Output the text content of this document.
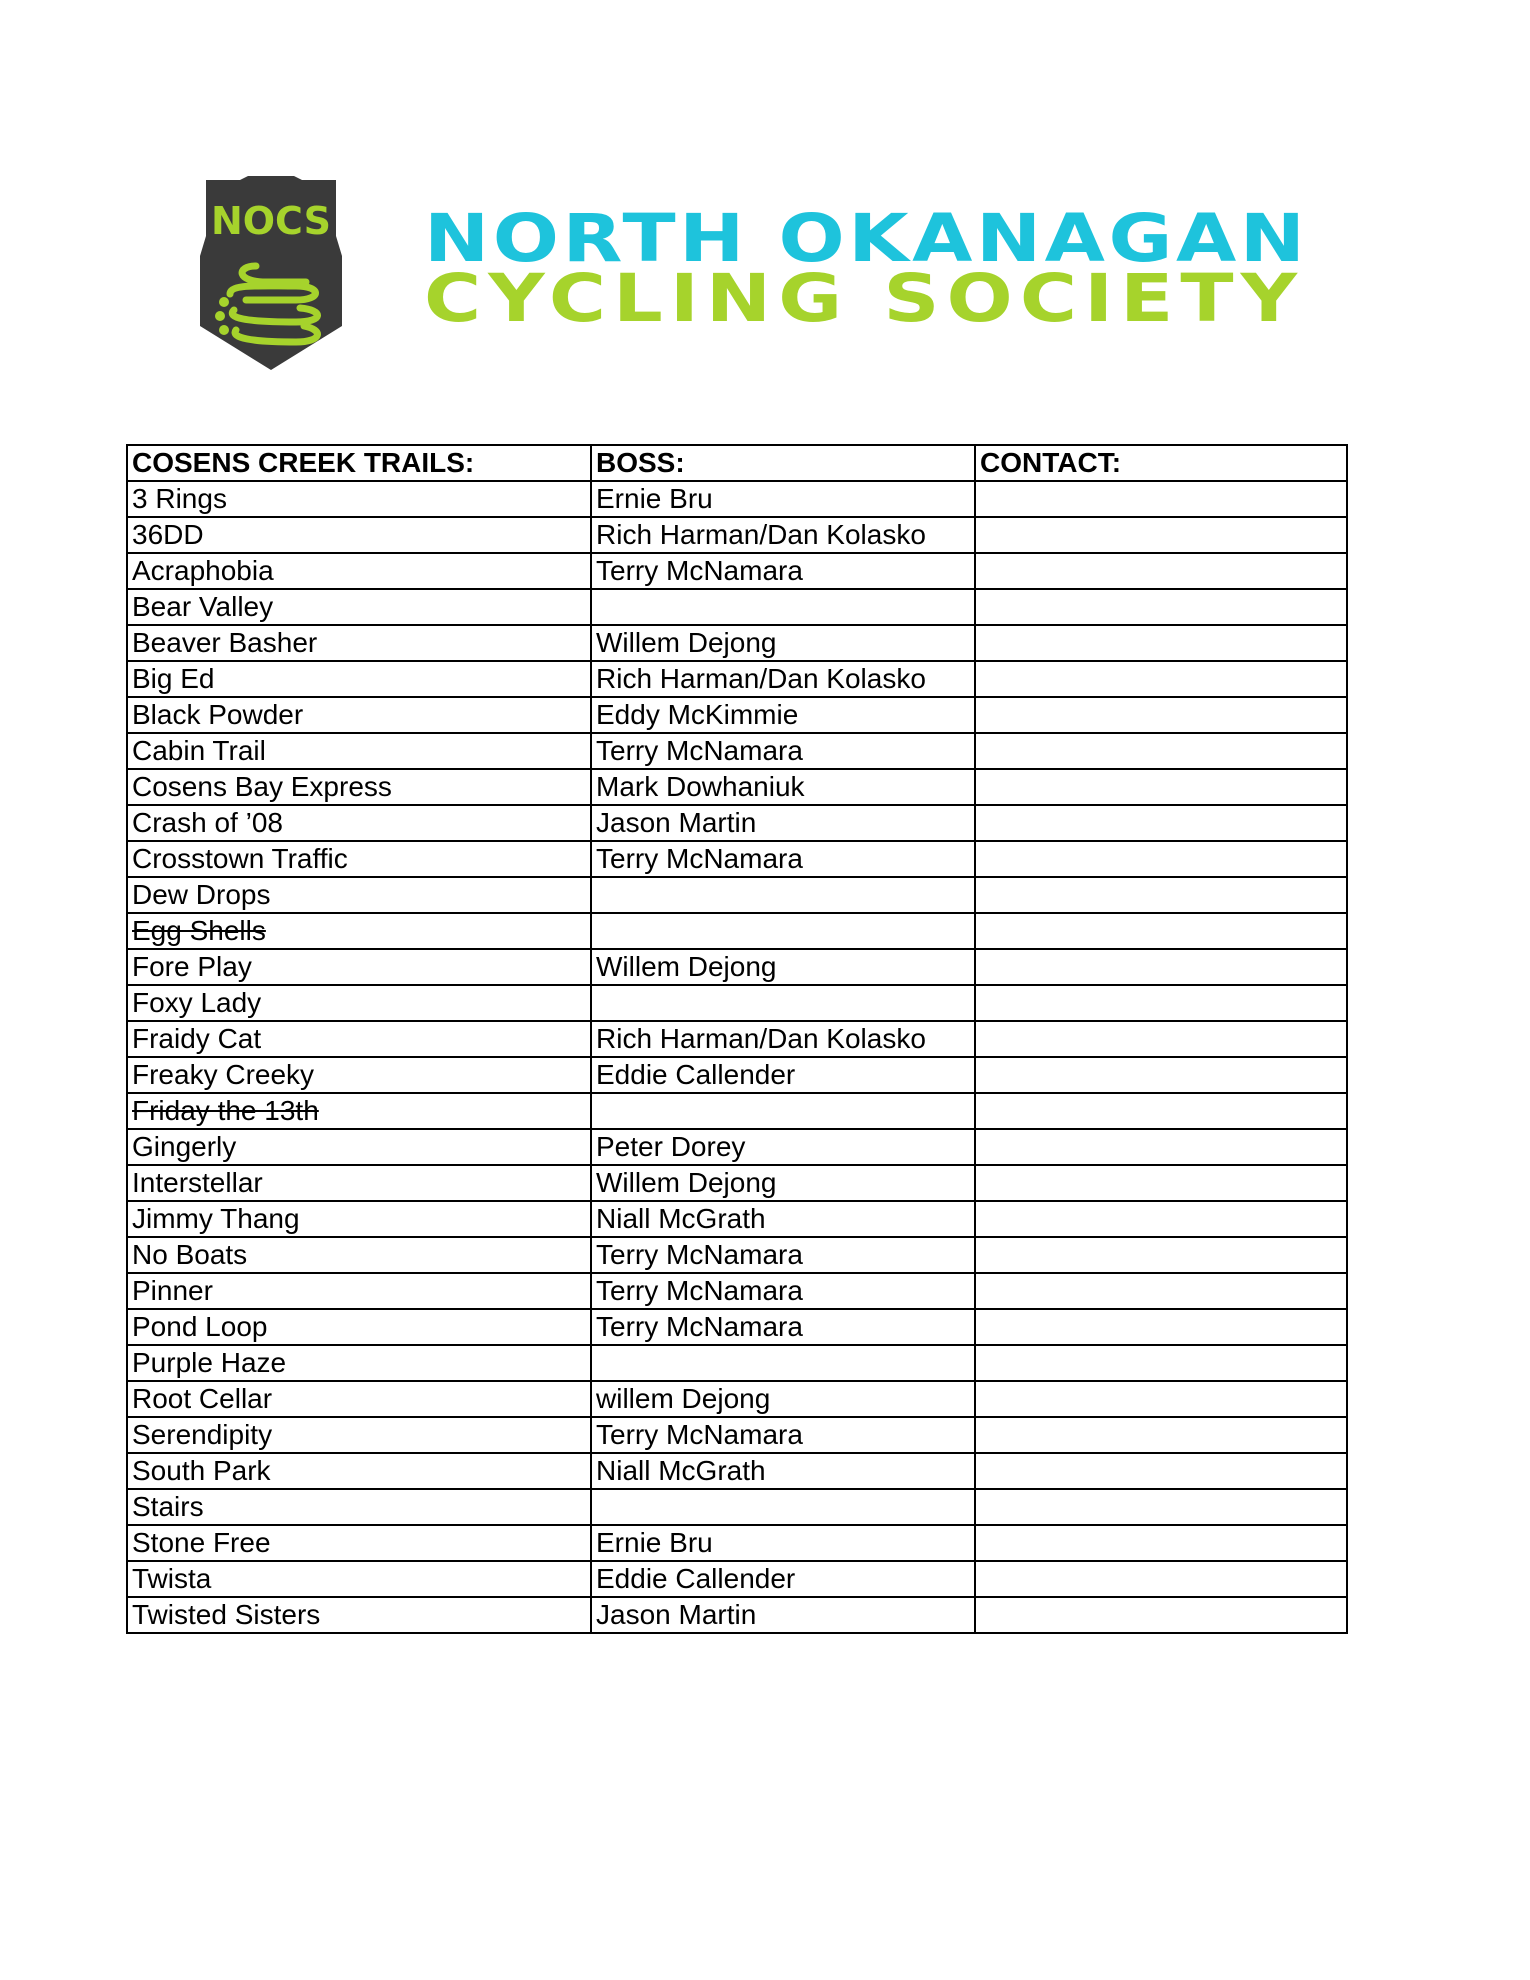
NOCS NORTH OKANAGAN
CYCLING SOCIETY
COSENS CREEK TRAILS:	BOSS:	CONTACT:
3 Rings	Ernie Bru	
36DD	Rich Harman/Dan Kolasko	
Acraphobia	Terry McNamara	
Bear Valley		
Beaver Basher	Willem Dejong	
Big Ed	Rich Harman/Dan Kolasko	
Black Powder	Eddy McKimmie	
Cabin Trail	Terry McNamara	
Cosens Bay Express	Mark Dowhaniuk	
Crash of ’08	Jason Martin	
Crosstown Traffic	Terry McNamara	
Dew Drops		
Egg Shells		
Fore Play	Willem Dejong	
Foxy Lady		
Fraidy Cat	Rich Harman/Dan Kolasko	
Freaky Creeky	Eddie Callender	
Friday the 13th		
Gingerly	Peter Dorey	
Interstellar	Willem Dejong	
Jimmy Thang	Niall McGrath	
No Boats	Terry McNamara	
Pinner	Terry McNamara	
Pond Loop	Terry McNamara	
Purple Haze		
Root Cellar	willem Dejong	
Serendipity	Terry McNamara	
South Park	Niall McGrath	
Stairs		
Stone Free	Ernie Bru	
Twista	Eddie Callender	
Twisted Sisters	Jason Martin	
